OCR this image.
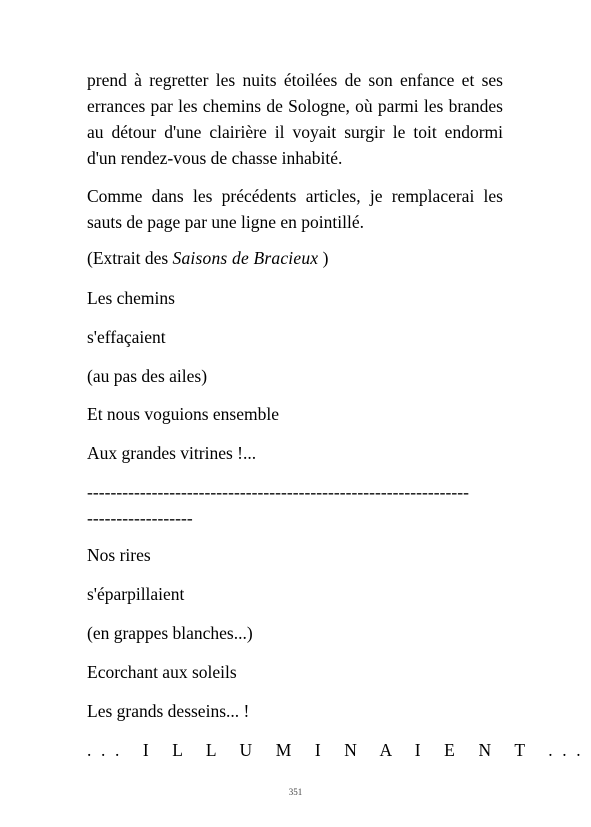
prend à regretter les nuits étoilées de son enfance et ses errances par les chemins de Sologne, où parmi les brandes au détour d'une clairière il voyait surgir le toit endormi d'un rendez-vous de chasse inhabité.

Comme dans les précédents articles, je remplacerai les sauts de page par une ligne en pointillé.

(Extrait des Saisons de Bracieux )

Les chemins

s'effaçaient

(au pas des ailes)

Et nous voguions ensemble

Aux grandes vitrines !...

-----------------------------------------------------------------

------------------

Nos rires

s'éparpillaient

(en grappes blanches...)

Ecorchant aux soleils

Les grands desseins... !

... I L L U M I N A I E N T ...

351
